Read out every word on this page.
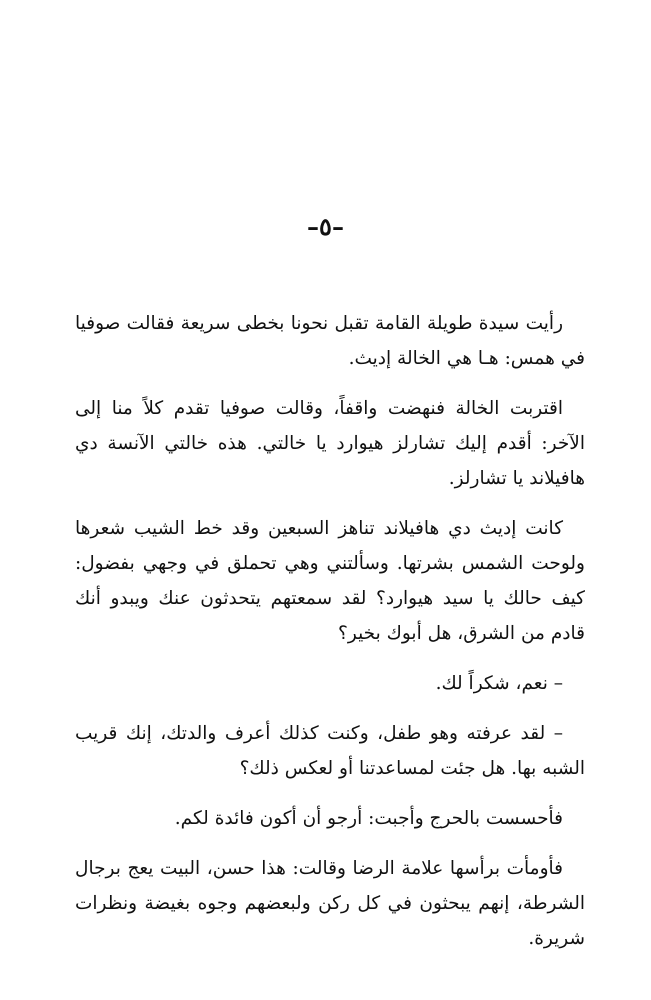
–٥–

رأيت سيدة طويلة القامة تقبل نحونا بخطى سريعة فقالت صوفيا في همس: هـا هي الخالة إديث.

اقتربت الخالة فنهضت واقفاً، وقالت صوفيا تقدم كلاً منا إلى الآخر: أقدم إليك تشارلز هيوارد يا خالتي. هذه خالتي الآنسة دي هافيلاند يا تشارلز.

كانت إديث دي هافيلاند تناهز السبعين وقد خط الشيب شعرها ولوحت الشمس بشرتها. وسألتني وهي تحملق في وجهي بفضول: كيف حالك يا سيد هيوارد؟ لقد سمعتهم يتحدثون عنك ويبدو أنك قادم من الشرق، هل أبوك بخير؟

– نعم، شكراً لك.

– لقد عرفته وهو طفل، وكنت كذلك أعرف والدتك، إنك قريب الشبه بها. هل جئت لمساعدتنا أو لعكس ذلك؟

فأحسست بالحرج وأجبت: أرجو أن أكون فائدة لكم.

فأومأت برأسها علامة الرضا وقالت: هذا حسن، البيت يعج برجال الشرطة، إنهم يبحثون في كل ركن ولبعضهم وجوه بغيضة ونظرات شريرة.
